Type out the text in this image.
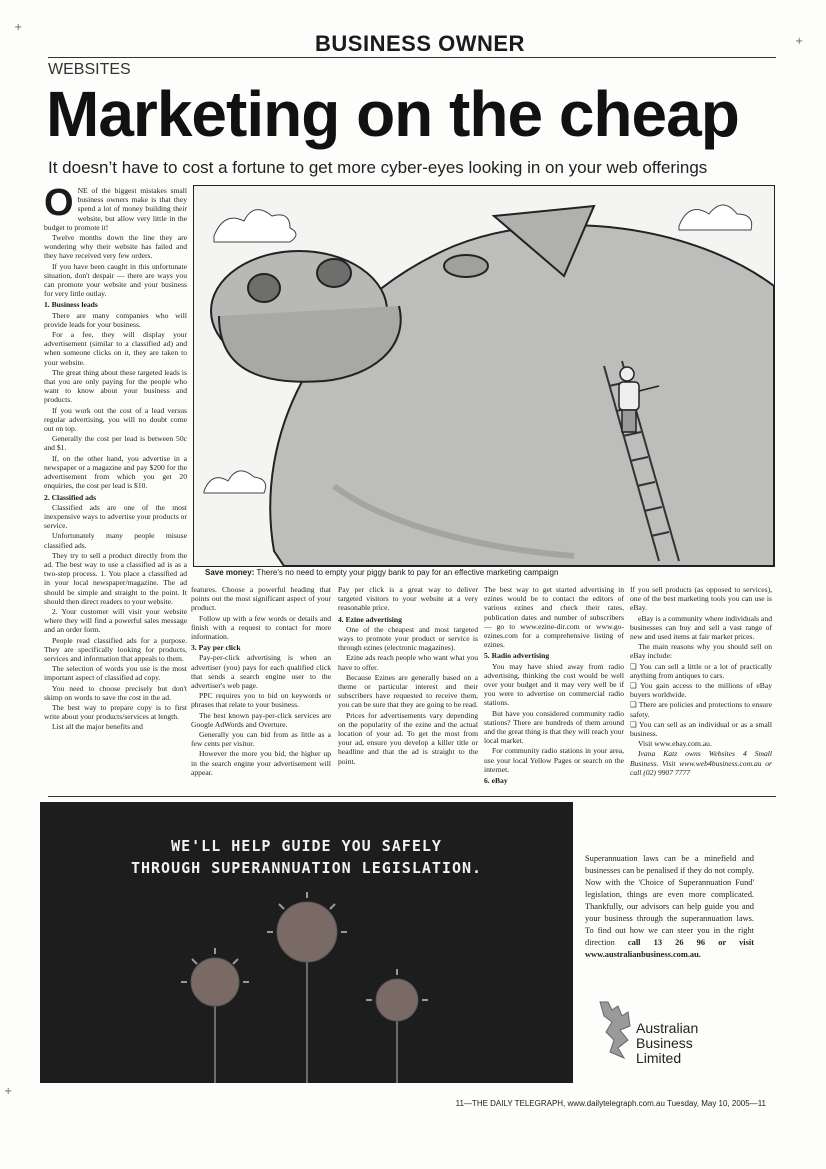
+
+
+
BUSINESS OWNER
WEBSITES
Marketing on the cheap
It doesn’t have to cost a fortune to get more cyber-eyes looking in on your web offerings
O NE of the biggest mistakes small business owners make is that they spend a lot of money building their website, but allow very little in the budget to promote it!

Twelve months down the line they are wondering why their website has failed and they have received very few orders.

If you have been caught in this unfortunate situation, don't despair — there are ways you can promote your website and your business for very little outlay.

1. Business leads

There are many companies who will provide leads for your business.

For a fee, they will display your advertisement (similar to a classified ad) and when someone clicks on it, they are taken to your website.

The great thing about these targeted leads is that you are only paying for the people who want to know about your business and products.

If you work out the cost of a lead versus regular advertising, you will no doubt come out on top.

Generally the cost per lead is between 50c and $1.

If, on the other hand, you advertise in a newspaper or a magazine and pay $200 for the advertisement from which you get 20 enquiries, the cost per lead is $10.

2. Classified ads

Classified ads are one of the most inexpensive ways to advertise your products or service.

Unfortunately many people misuse classified ads.

They try to sell a product directly from the ad. The best way to use a classified ad is as a two-step process. 1. You place a classified ad in your local newspaper/magazine. The ad should be simple and straight to the point. It should then direct readers to your website.

2. Your customer will visit your website where they will find a powerful sales message and an order form.

People read classified ads for a purpose. They are specifically looking for products, services and information that appeals to them.

The selection of words you use is the most important aspect of classified ad copy.

You need to choose precisely but don't skimp on words to save the cost in the ad.

The best way to prepare copy is to first write about your products/services at length.

List all the major benefits and

Save money: There's no need to empty your piggy bank to pay for an effective marketing campaign

features. Choose a powerful heading that points out the most significant aspect of your product.

Follow up with a few words or details and finish with a request to contact for more information.

3. Pay per click

Pay-per-click advertising is when an advertiser (you) pays for each qualified click that sends a search engine user to the advertiser's web page.

PPC requires you to bid on keywords or phrases that relate to your business.

The best known pay-per-click services are Google AdWords and Overture.

Generally you can bid from as little as a few cents per visitor.

However the more you bid, the higher up in the search engine your advertisement will appear.

Pay per click is a great way to deliver targeted visitors to your website at a very reasonable price.

4. Ezine advertising

One of the cheapest and most targeted ways to promote your product or service is through ezines (electronic magazines).

Ezine ads reach people who want what you have to offer.

Because Ezines are generally based on a theme or particular interest and their subscribers have requested to receive them, you can be sure that they are going to be read.

Prices for advertisements vary depending on the popularity of the ezine and the actual location of your ad. To get the most from your ad, ensure you develop a killer title or headline and that the ad is straight to the point.

The best way to get started advertising in ezines would be to contact the editors of various ezines and check their rates, publication dates and number of subscribers — go to www.ezine-dir.com or www.go-ezines.com for a comprehensive listing of ezines.

5. Radio advertising

You may have shied away from radio advertising, thinking the cost would be well over your budget and it may very well be if you were to advertise on commercial radio stations.

But have you considered community radio stations? There are hundreds of them around and the great thing is that they will reach your local market.

For community radio stations in your area, use your local Yellow Pages or search on the internet.

6. eBay

If you sell products (as opposed to services), one of the best marketing tools you can use is eBay.

eBay is a community where individuals and businesses can buy and sell a vast range of new and used items at fair market prices.

The main reasons why you should sell on eBay include:

❑ You can sell a little or a lot of practically anything from antiques to cars.

❑ You gain access to the millions of eBay buyers worldwide.

❑ There are policies and protections to ensure safety.

❑ You can sell as an individual or as a small business.

Visit www.ebay.com.au.

Ivana Katz owns Websites 4 Small Business. Visit www.web4business.com.au or call (02) 9907 7777

WE'LL HELP GUIDE YOU SAFELY
THROUGH SUPERANNUATION LEGISLATION.
Superannuation laws can be a minefield and businesses can be penalised if they do not comply. Now with the 'Choice of Superannuation Fund' legislation, things are even more complicated. Thankfully, our advisors can help guide you and your business through the superannuation laws. To find out how we can steer you in the right direction call 13 26 96 or visit www.australianbusiness.com.au.
Australian
Business
Limited
11—THE DAILY TELEGRAPH, www.dailytelegraph.com.au Tuesday, May 10, 2005—11
